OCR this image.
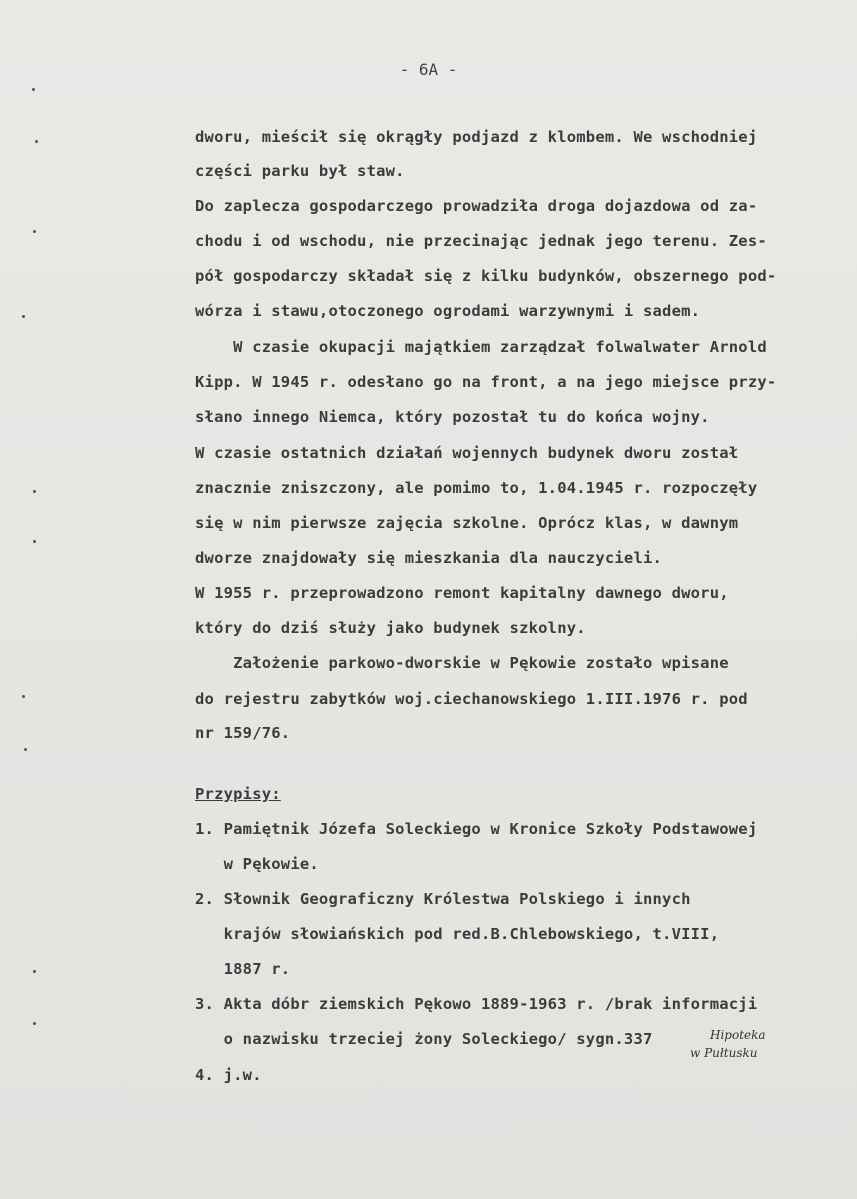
- 6A -
dworu, mieścił się okrągły podjazd z klombem. We wschodniej
części parku był staw.
Do zaplecza gospodarczego prowadziła droga dojazdowa od za-
chodu i od wschodu, nie przecinając jednak jego terenu. Zes-
pół gospodarczy składał się z kilku budynków, obszernego pod-
wórza i stawu,otoczonego ogrodami warzywnymi i sadem.
W czasie okupacji majątkiem zarządzał folwalwater Arnold
Kipp. W 1945 r. odesłano go na front, a na jego miejsce przy-
słano innego Niemca, który pozostał tu do końca wojny.
W czasie ostatnich działań wojennych budynek dworu został
znacznie zniszczony, ale pomimo to, 1.04.1945 r. rozpoczęły
się w nim pierwsze zajęcia szkolne. Oprócz klas, w dawnym
dworze znajdowały się mieszkania dla nauczycieli.
W 1955 r. przeprowadzono remont kapitalny dawnego dworu,
który do dziś służy jako budynek szkolny.
Założenie parkowo-dworskie w Pękowie zostało wpisane
do rejestru zabytków woj.ciechanowskiego 1.III.1976 r. pod
nr 159/76.
Przypisy:
1. Pamiętnik Józefa Soleckiego w Kronice Szkoły Podstawowej
w Pękowie.
2. Słownik Geograficzny Królestwa Polskiego i innych
krajów słowiańskich pod red.B.Chlebowskiego, t.VIII,
1887 r.
3. Akta dóbr ziemskich Pękowo 1889-1963 r. /brak informacji
o nazwisku trzeciej żony Soleckiego/ sygn.337
4. j.w.
Hipoteka
w Pułtusku
